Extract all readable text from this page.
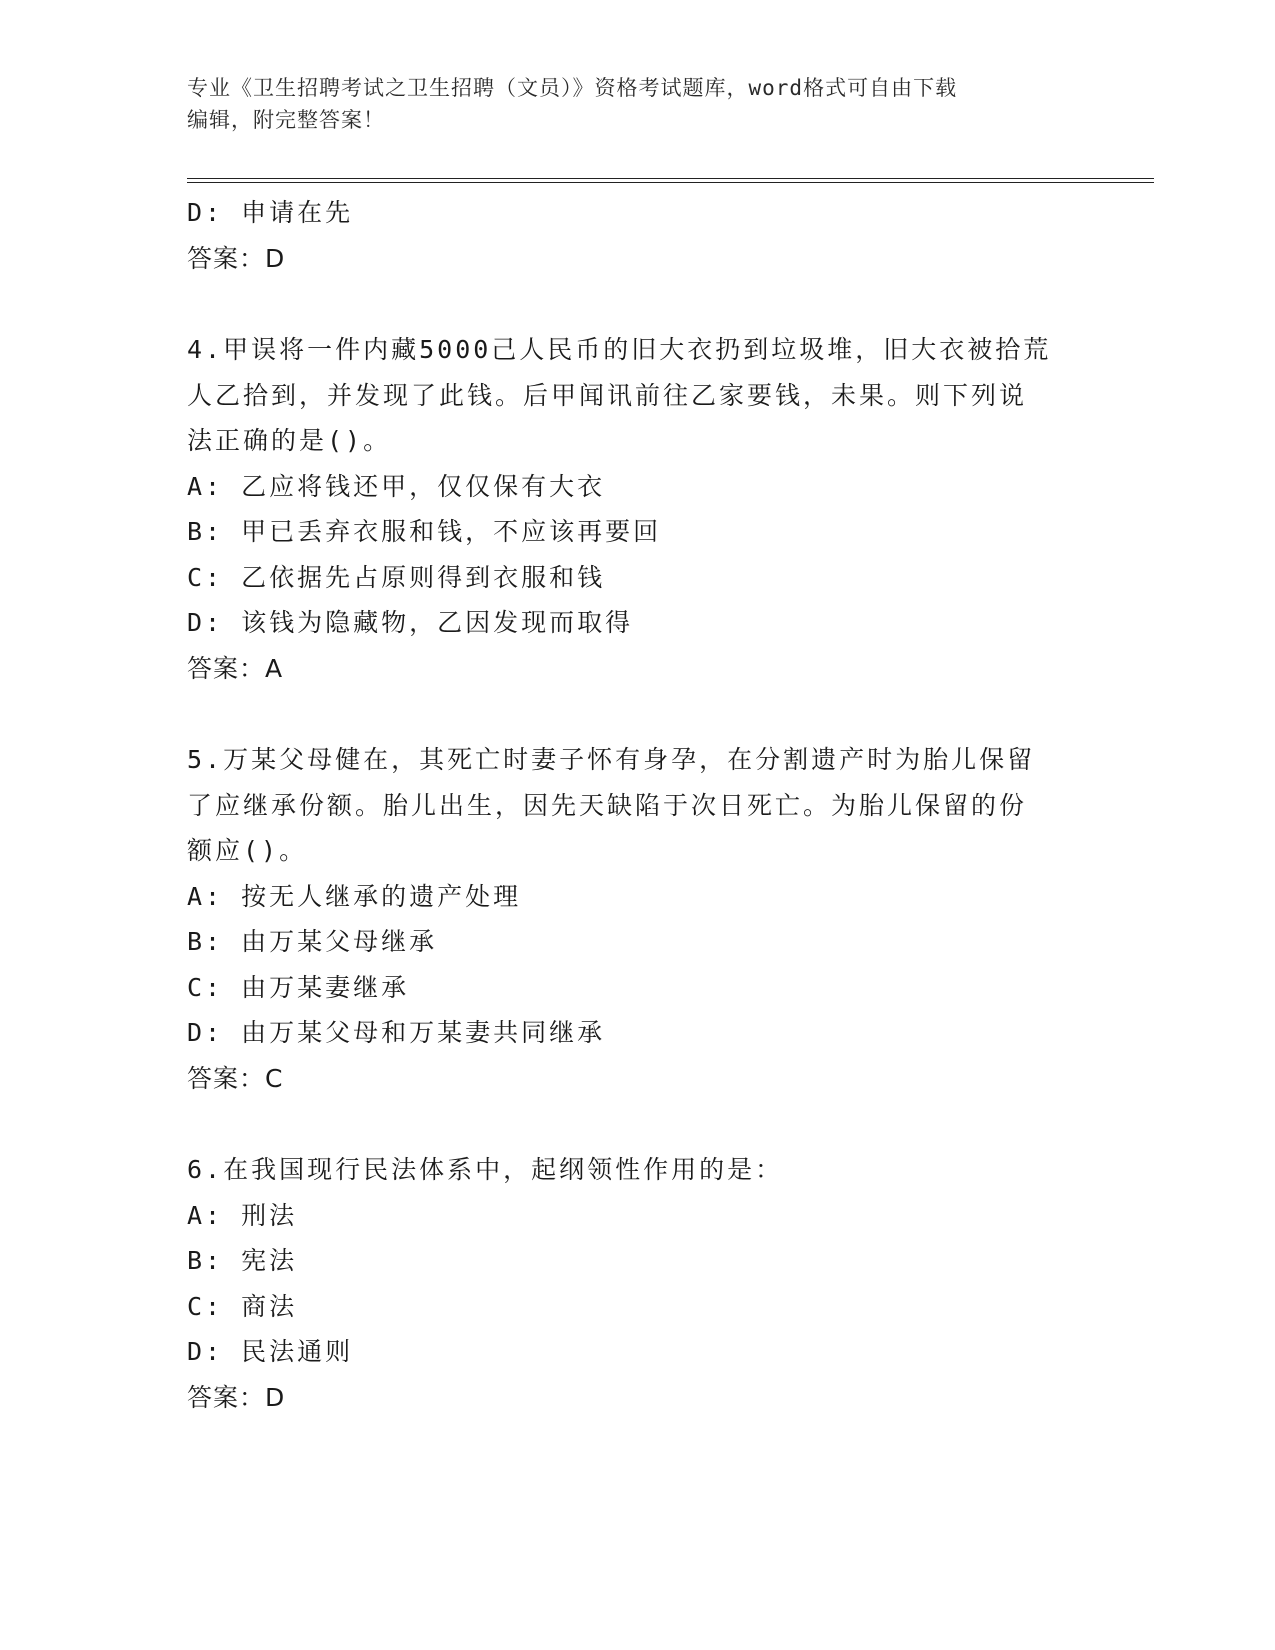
专业《卫生招聘考试之卫生招聘（文员）》资格考试题库，word格式可自由下载
编辑，附完整答案！
D: 申请在先
答案：D
4.甲误将一件内藏5000己人民币的旧大衣扔到垃圾堆，旧大衣被拾荒
人乙拾到，并发现了此钱。后甲闻讯前往乙家要钱，未果。则下列说
法正确的是()。
A: 乙应将钱还甲，仅仅保有大衣
B: 甲已丢弃衣服和钱，不应该再要回
C: 乙依据先占原则得到衣服和钱
D: 该钱为隐藏物，乙因发现而取得
答案：A
5.万某父母健在，其死亡时妻子怀有身孕，在分割遗产时为胎儿保留
了应继承份额。胎儿出生，因先天缺陷于次日死亡。为胎儿保留的份
额应()。
A: 按无人继承的遗产处理
B: 由万某父母继承
C: 由万某妻继承
D: 由万某父母和万某妻共同继承
答案：C
6.在我国现行民法体系中，起纲领性作用的是：
A: 刑法
B: 宪法
C: 商法
D: 民法通则
答案：D
